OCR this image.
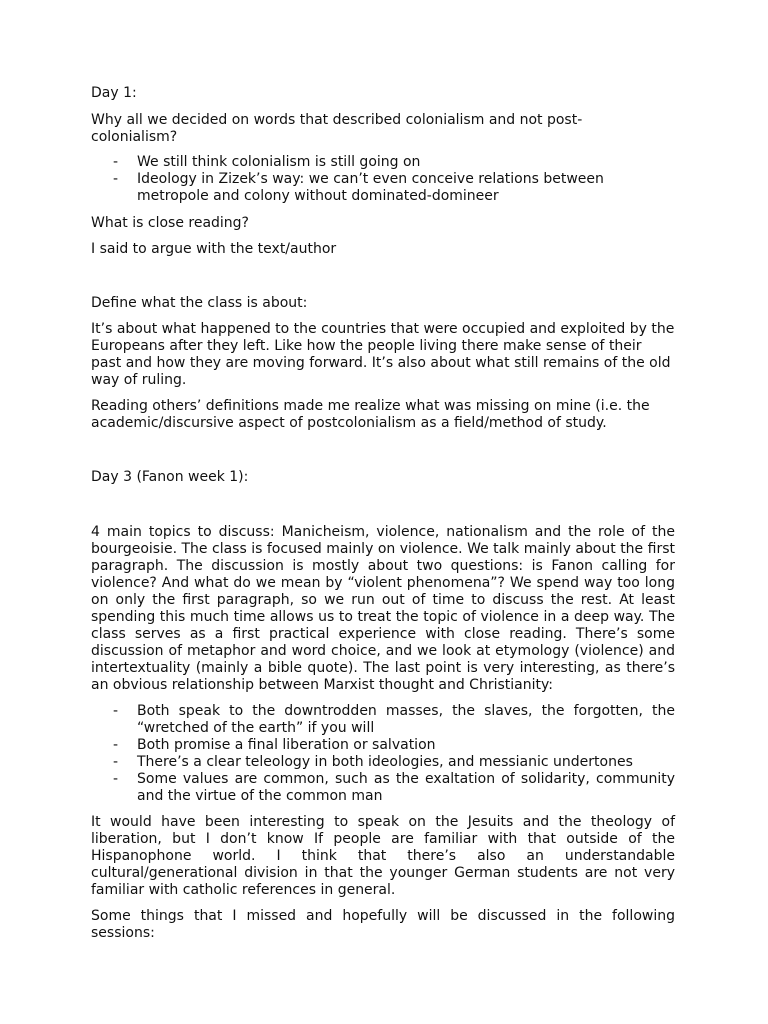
Day 1:

Why all we decided on words that described colonialism and not post-colonialism?

- We still think colonialism is still going on
- Ideology in Zizek’s way: we can’t even conceive relations between metropole and colony without dominated-domineer

What is close reading?

I said to argue with the text/author

Define what the class is about:

It’s about what happened to the countries that were occupied and exploited by the Europeans after they left. Like how the people living there make sense of their past and how they are moving forward. It’s also about what still remains of the old way of ruling.

Reading others’ definitions made me realize what was missing on mine (i.e. the academic/discursive aspect of postcolonialism as a field/method of study.

Day 3 (Fanon week 1):

4 main topics to discuss: Manicheism, violence, nationalism and the role of the bourgeoisie. The class is focused mainly on violence. We talk mainly about the first paragraph. The discussion is mostly about two questions: is Fanon calling for violence? And what do we mean by “violent phenomena”? We spend way too long on only the first paragraph, so we run out of time to discuss the rest. At least spending this much time allows us to treat the topic of violence in a deep way. The class serves as a first practical experience with close reading. There’s some discussion of metaphor and word choice, and we look at etymology (violence) and intertextuality (mainly a bible quote). The last point is very interesting, as there’s an obvious relationship between Marxist thought and Christianity:

- Both speak to the downtrodden masses, the slaves, the forgotten, the “wretched of the earth” if you will
- Both promise a final liberation or salvation
- There’s a clear teleology in both ideologies, and messianic undertones
- Some values are common, such as the exaltation of solidarity, community and the virtue of the common man

It would have been interesting to speak on the Jesuits and the theology of liberation, but I don’t know If people are familiar with that outside of the Hispanophone world. I think that there’s also an understandable cultural/generational division in that the younger German students are not very familiar with catholic references in general.

Some things that I missed and hopefully will be discussed in the following sessions:
